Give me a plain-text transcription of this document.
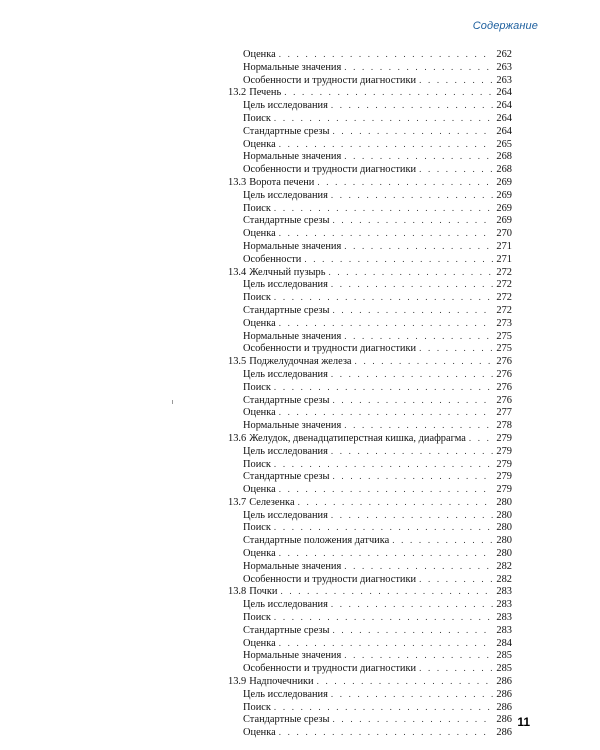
Содержание
Оценка . . .	262
Нормальные значения . . .	263
Особенности и трудности диагностики . . .	263
13.2 Печень . . .	264
Цель исследования . . .	264
Поиск . . .	264
Стандартные срезы . . .	264
Оценка . . .	265
Нормальные значения . . .	268
Особенности и трудности диагностики . . .	268
13.3 Ворота печени . . .	269
Цель исследования . . .	269
Поиск . . .	269
Стандартные срезы . . .	269
Оценка . . .	270
Нормальные значения . . .	271
Особенности . . .	271
13.4 Желчный пузырь . . .	272
Цель исследования . . .	272
Поиск . . .	272
Стандартные срезы . . .	272
Оценка . . .	273
Нормальные значения . . .	275
Особенности и трудности диагностики . . .	275
13.5 Поджелудочная железа . . .	276
Цель исследования . . .	276
Поиск . . .	276
Стандартные срезы . . .	276
Оценка . . .	277
Нормальные значения . . .	278
13.6 Желудок, двенадцатиперстная кишка, диафрагма . . .	279
Цель исследования . . .	279
Поиск . . .	279
Стандартные срезы . . .	279
Оценка . . .	279
13.7 Селезенка . . .	280
Цель исследования . . .	280
Поиск . . .	280
Стандартные положения датчика . . .	280
Оценка . . .	280
Нормальные значения . . .	282
Особенности и трудности диагностики . . .	282
13.8 Почки . . .	283
Цель исследования . . .	283
Поиск . . .	283
Стандартные срезы . . .	283
Оценка . . .	284
Нормальные значения . . .	285
Особенности и трудности диагностики . . .	285
13.9 Надпочечники . . .	286
Цель исследования . . .	286
Поиск . . .	286
Стандартные срезы . . .	286
Оценка . . .	286
11
